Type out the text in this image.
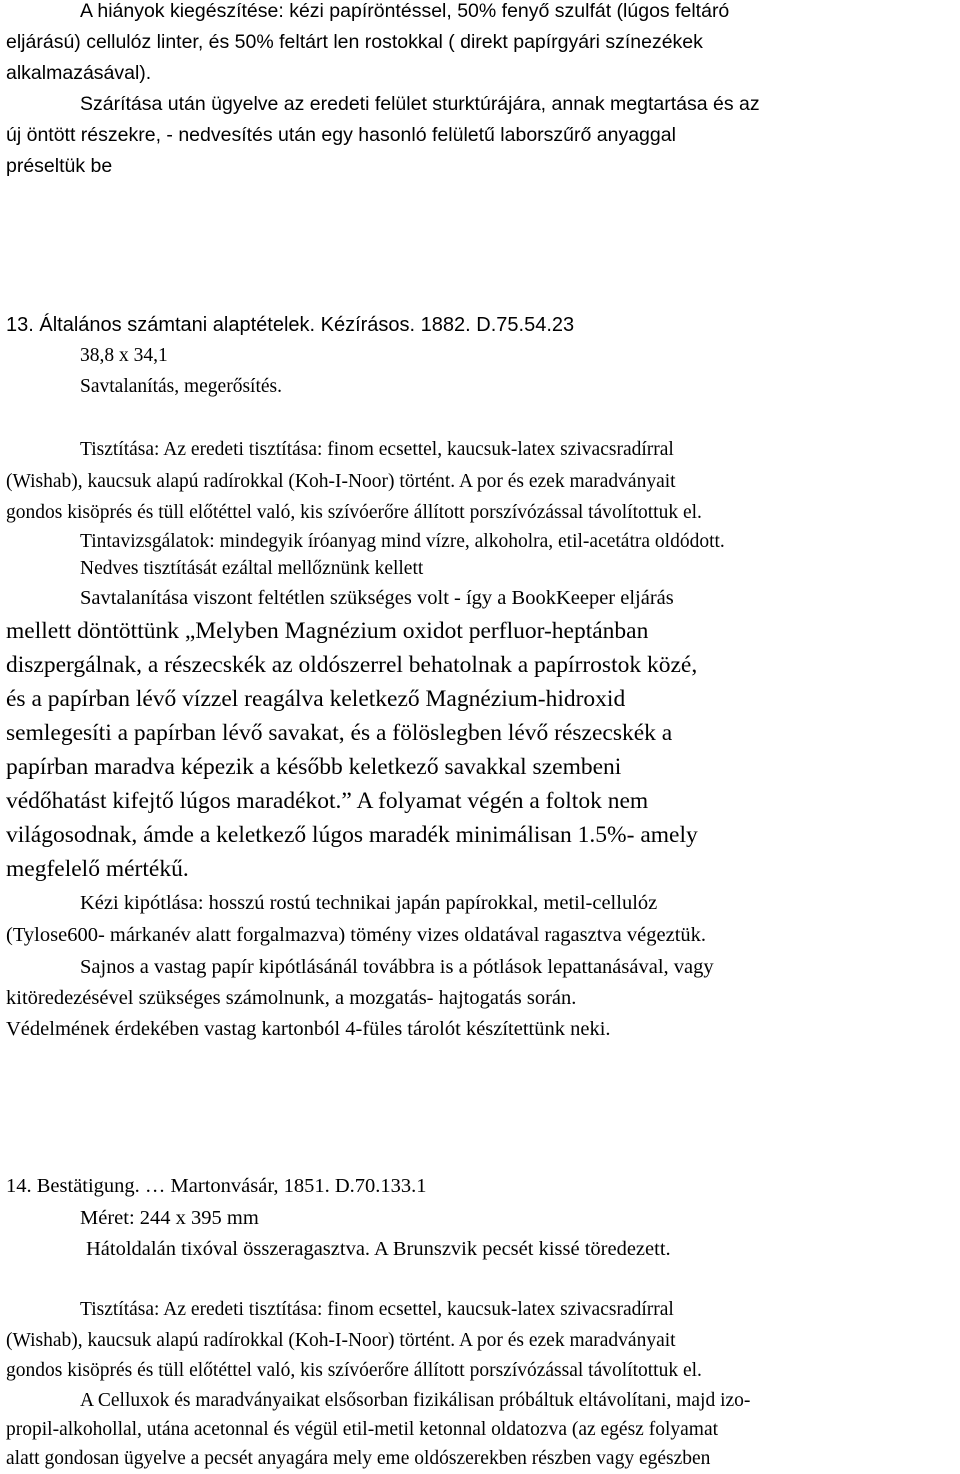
A hiányok kiegészítése: kézi papíröntéssel, 50% fenyő szulfát (lúgos feltáró
eljárású) cellulóz linter, és 50% feltárt len rostokkal ( direkt papírgyári színezékek
alkalmazásával).
Szárítása után ügyelve az eredeti felület sturktúrájára, annak megtartása és az
új öntött részekre, - nedvesítés után egy hasonló felületű laborszűrő anyaggal
préseltük be
13. Általános számtani alaptételek. Kézírásos. 1882. D.75.54.23
38,8 x 34,1
Savtalanítás, megerősítés.
Tisztítása: Az eredeti tisztítása: finom ecsettel, kaucsuk-latex szivacsradírral
(Wishab), kaucsuk alapú radírokkal (Koh-I-Noor) történt. A por és ezek maradványait
gondos kisöprés és tüll előtéttel való, kis szívóerőre állított porszívózással távolítottuk el.
Tintavizsgálatok: mindegyik íróanyag mind vízre, alkoholra, etil-acetátra oldódott.
Nedves tisztítását ezáltal mellőznünk kellett
Savtalanítása viszont feltétlen szükséges volt - így a BookKeeper eljárás
mellett döntöttünk „Melyben Magnézium oxidot perfluor-heptánban
diszpergálnak, a részecskék az oldószerrel behatolnak a papírrostok közé,
és a papírban lévő vízzel reagálva keletkező Magnézium-hidroxid
semlegesíti a papírban lévő savakat, és a fölöslegben lévő részecskék a
papírban maradva képezik a később keletkező savakkal szembeni
védőhatást kifejtő lúgos maradékot.” A folyamat végén a foltok nem
világosodnak, ámde a keletkező lúgos maradék minimálisan 1.5%- amely
megfelelő mértékű.
Kézi kipótlása: hosszú rostú technikai japán papírokkal, metil-cellulóz
(Tylose600- márkanév alatt forgalmazva) tömény vizes oldatával ragasztva végeztük.
Sajnos a vastag papír kipótlásánál továbbra is a pótlások lepattanásával, vagy
kitöredezésével szükséges számolnunk, a mozgatás- hajtogatás során.
Védelmének érdekében vastag kartonból 4-füles tárolót készítettünk neki.
14. Bestätigung. … Martonvásár, 1851. D.70.133.1
Méret: 244 x 395 mm
Hátoldalán tixóval összeragasztva. A Brunszvik pecsét kissé töredezett.
Tisztítása: Az eredeti tisztítása: finom ecsettel, kaucsuk-latex szivacsradírral
(Wishab), kaucsuk alapú radírokkal (Koh-I-Noor) történt. A por és ezek maradványait
gondos kisöprés és tüll előtéttel való, kis szívóerőre állított porszívózással távolítottuk el.
A Celluxok és maradványaikat elsősorban fizikálisan próbáltuk eltávolítani, majd izo-
propil-alkohollal, utána acetonnal és végül etil-metil ketonnal oldatozva (az egész folyamat
alatt gondosan ügyelve a pecsét anyagára mely eme oldószerekben részben vagy egészben
